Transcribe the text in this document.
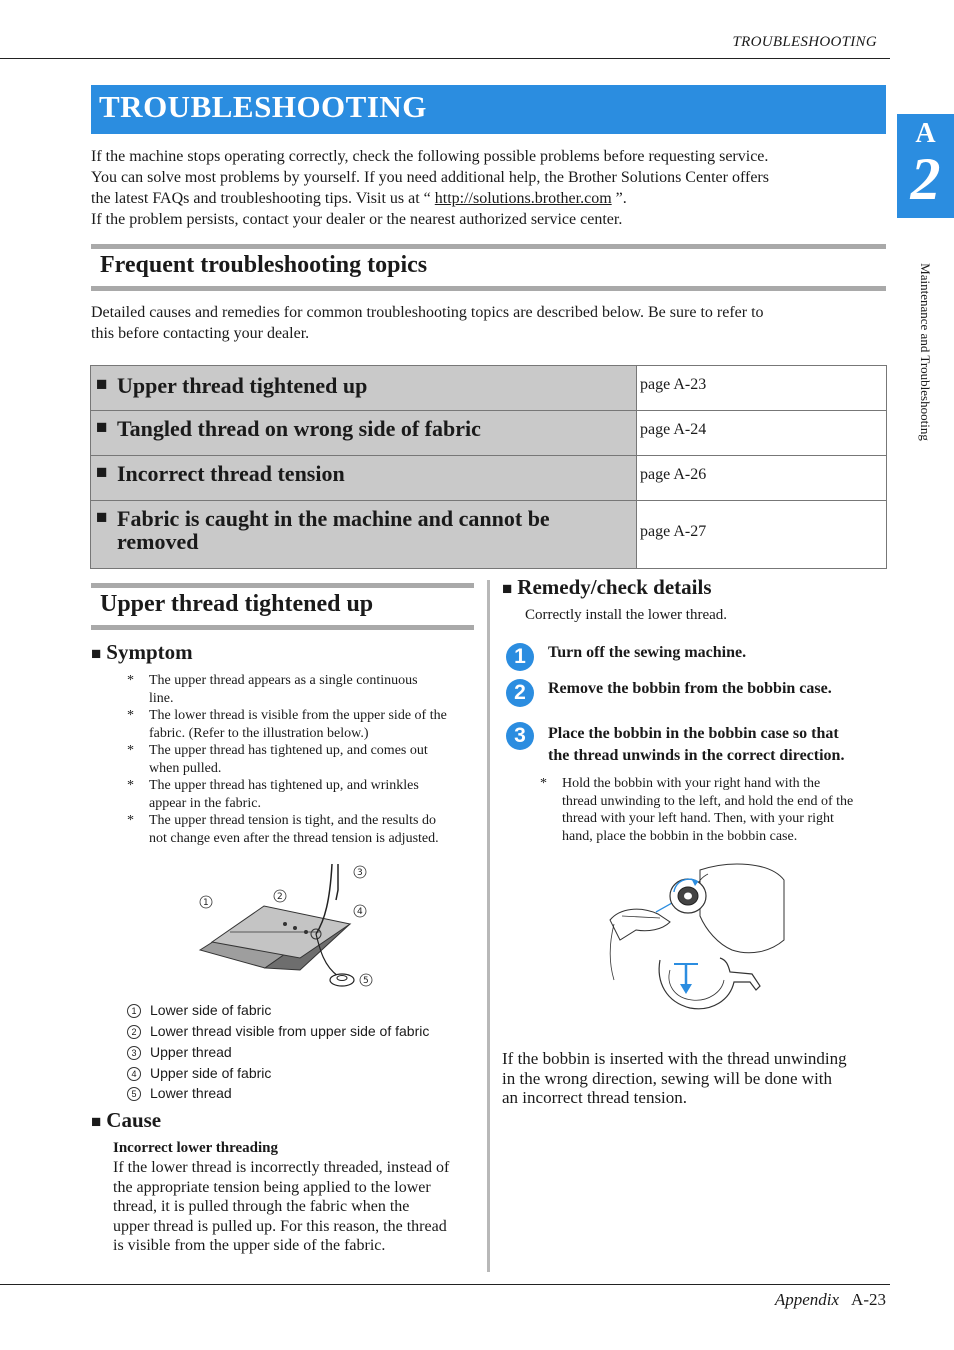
TROUBLESHOOTING
A
2
Maintenance and Troubleshooting
TROUBLESHOOTING
If the machine stops operating correctly, check the following possible problems before requesting service.
You can solve most problems by yourself. If you need additional help, the Brother Solutions Center offers
the latest FAQs and troubleshooting tips. Visit us at “ http://solutions.brother.com ”.
If the problem persists, contact your dealer or the nearest authorized service center.
Frequent troubleshooting topics
Detailed causes and remedies for common troubleshooting topics are described below. Be sure to refer to
this before contacting your dealer.
■ Upper thread tightened up	page A-23
■ Tangled thread on wrong side of fabric	page A-24
■ Incorrect thread tension	page A-26
■ Fabric is caught in the machine and cannot be removed	page A-27
Upper thread tightened up
■ Symptom
* The upper thread appears as a single continuous
line.
* The lower thread is visible from the upper side of the
fabric. (Refer to the illustration below.)
* The upper thread has tightened up, and comes out
when pulled.
* The upper thread has tightened up, and wrinkles
appear in the fabric.
* The upper thread tension is tight, and the results do
not change even after the thread tension is adjusted.
1
2
3
4
5
1 Lower side of fabric
2 Lower thread visible from upper side of fabric
3 Upper thread
4 Upper side of fabric
5 Lower thread
■ Cause
Incorrect lower threading
If the lower thread is incorrectly threaded, instead of
the appropriate tension being applied to the lower
thread, it is pulled through the fabric when the
upper thread is pulled up. For this reason, the thread
is visible from the upper side of the fabric.
■ Remedy/check details
Correctly install the lower thread.
1	Turn off the sewing machine.
2	Remove the bobbin from the bobbin case.
3	Place the bobbin in the bobbin case so that
the thread unwinds in the correct direction.
* Hold the bobbin with your right hand with the
thread unwinding to the left, and hold the end of the
thread with your left hand. Then, with your right
hand, place the bobbin in the bobbin case.
If the bobbin is inserted with the thread unwinding
in the wrong direction, sewing will be done with
an incorrect thread tension.
Appendix A-23
